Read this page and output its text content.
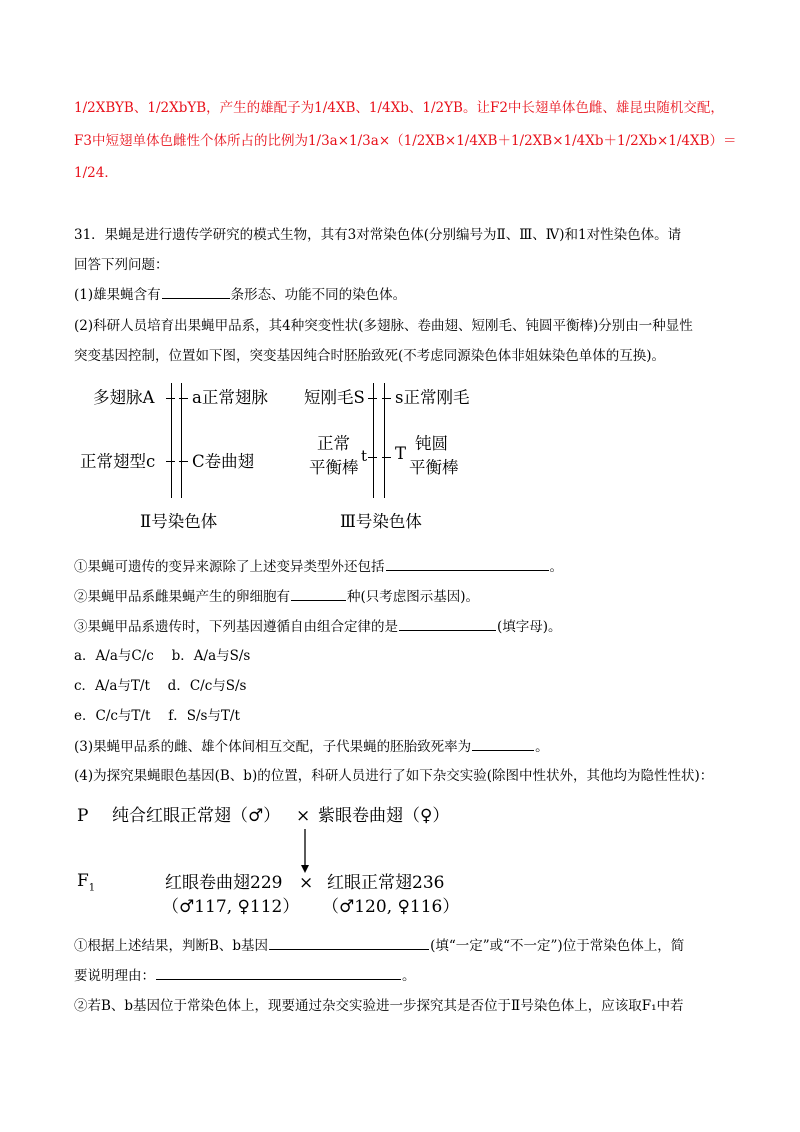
1/2XBYB、1/2XbYB，产生的雄配子为1/4XB、1/4Xb、1/2YB。让F2中长翅单体色雌、雄昆虫随机交配，
F3中短翅单体色雌性个体所占的比例为1/3a×1/3a×（1/2XB×1/4XB＋1/2XB×1/4Xb＋1/2Xb×1/4XB）＝
1/24．
31．果蝇是进行遗传学研究的模式生物，其有3对常染色体(分别编号为Ⅱ、Ⅲ、Ⅳ)和1对性染色体。请
回答下列问题：
(1)雄果蝇含有	条形态、功能不同的染色体。
(2)科研人员培育出果蝇甲品系，其4种突变性状(多翅脉、卷曲翅、短刚毛、钝圆平衡棒)分别由一种显性
突变基因控制，位置如下图，突变基因纯合时胚胎致死(不考虑同源染色体非姐妹染色单体的互换)。
多翅脉A a正常翅脉
正常翅型c C卷曲翅
Ⅱ号染色体
短刚毛S s正常刚毛
正常
平衡棒
t T
钝圆
平衡棒
Ⅲ号染色体
①果蝇可遗传的变异来源除了上述变异类型外还包括	。
②果蝇甲品系雌果蝇产生的卵细胞有	种(只考虑图示基因)。
③果蝇甲品系遗传时，下列基因遵循自由组合定律的是	(填字母)。
a．A/a与C/c　 b．A/a与S/s
c．A/a与T/t　 d．C/c与S/s
e．C/c与T/t　 f．S/s与T/t
(3)果蝇甲品系的雌、雄个体间相互交配，子代果蝇的胚胎致死率为	。
(4)为探究果蝇眼色基因(B、b)的位置，科研人员进行了如下杂交实验(除图中性状外，其他均为隐性性状)：
P 纯合红眼正常翅（♂） × 紫眼卷曲翅（♀）
$F_1$	红眼卷曲翅229 × 红眼正常翅236
（♂117, ♀112） （♂120, ♀116）
①根据上述结果，判断B、b基因	(填“一定”或“不一定”)位于常染色体上，简
要说明理由：	。
②若B、b基因位于常染色体上，现要通过杂交实验进一步探究其是否位于Ⅱ号染色体上，应该取F₁中若
